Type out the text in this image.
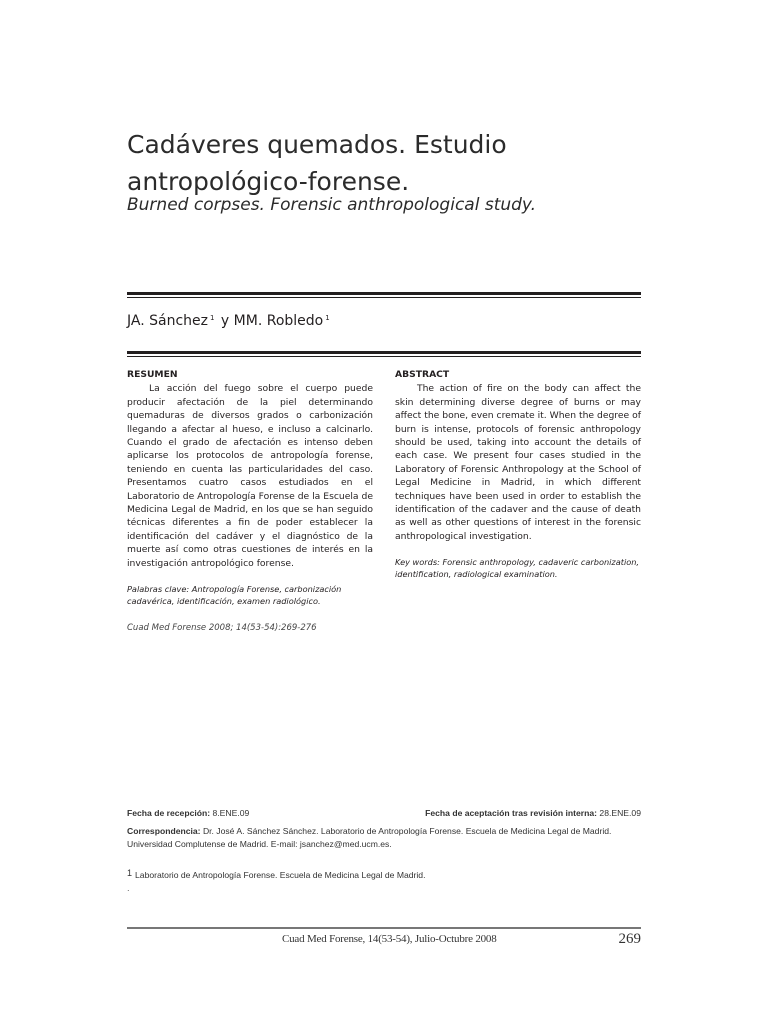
Cadáveres quemados. Estudio antropológico-forense.
Burned corpses. Forensic anthropological study.
JA. Sánchez $^1$ y MM. Robledo $^1$
RESUMEN

La acción del fuego sobre el cuerpo puede producir afectación de la piel determinando quemaduras de diversos grados o carbonización llegando a afectar al hueso, e incluso a calcinarlo. Cuando el grado de afectación es intenso deben aplicarse los protocolos de antropología forense, teniendo en cuenta las particularidades del caso. Presentamos cuatro casos estudiados en el Laboratorio de Antropología Forense de la Escuela de Medicina Legal de Madrid, en los que se han seguido técnicas diferentes a fin de poder establecer la identificación del cadáver y el diagnóstico de la muerte así como otras cuestiones de interés en la investigación antropológico forense.

Palabras clave: Antropología Forense, carbonización cadavérica, identificación, examen radiológico.
Cuad Med Forense 2008; 14(53-54):269-276
ABSTRACT

The action of fire on the body can affect the skin determining diverse degree of burns or may affect the bone, even cremate it. When the degree of burn is intense, protocols of forensic anthropology should be used, taking into account the details of each case. We present four cases studied in the Laboratory of Forensic Anthropology at the School of Legal Medicine in Madrid, in which different techniques have been used in order to establish the identification of the cadaver and the cause of death as well as other questions of interest in the forensic anthropological investigation.

Key words: Forensic anthropology, cadaveric carbonization, identification, radiological examination.
Fecha de recepción: 8.ENE.09	Fecha de aceptación tras revisión interna: 28.ENE.09
Correspondencia: Dr. José A. Sánchez Sánchez. Laboratorio de Antropología Forense. Escuela de Medicina Legal de Madrid. Universidad Complutense de Madrid. E-mail: jsanchez@med.ucm.es.
$^1$ Laboratorio de Antropología Forense. Escuela de Medicina Legal de Madrid.
.
Cuad Med Forense, 14(53-54), Julio-Octubre 2008	269
